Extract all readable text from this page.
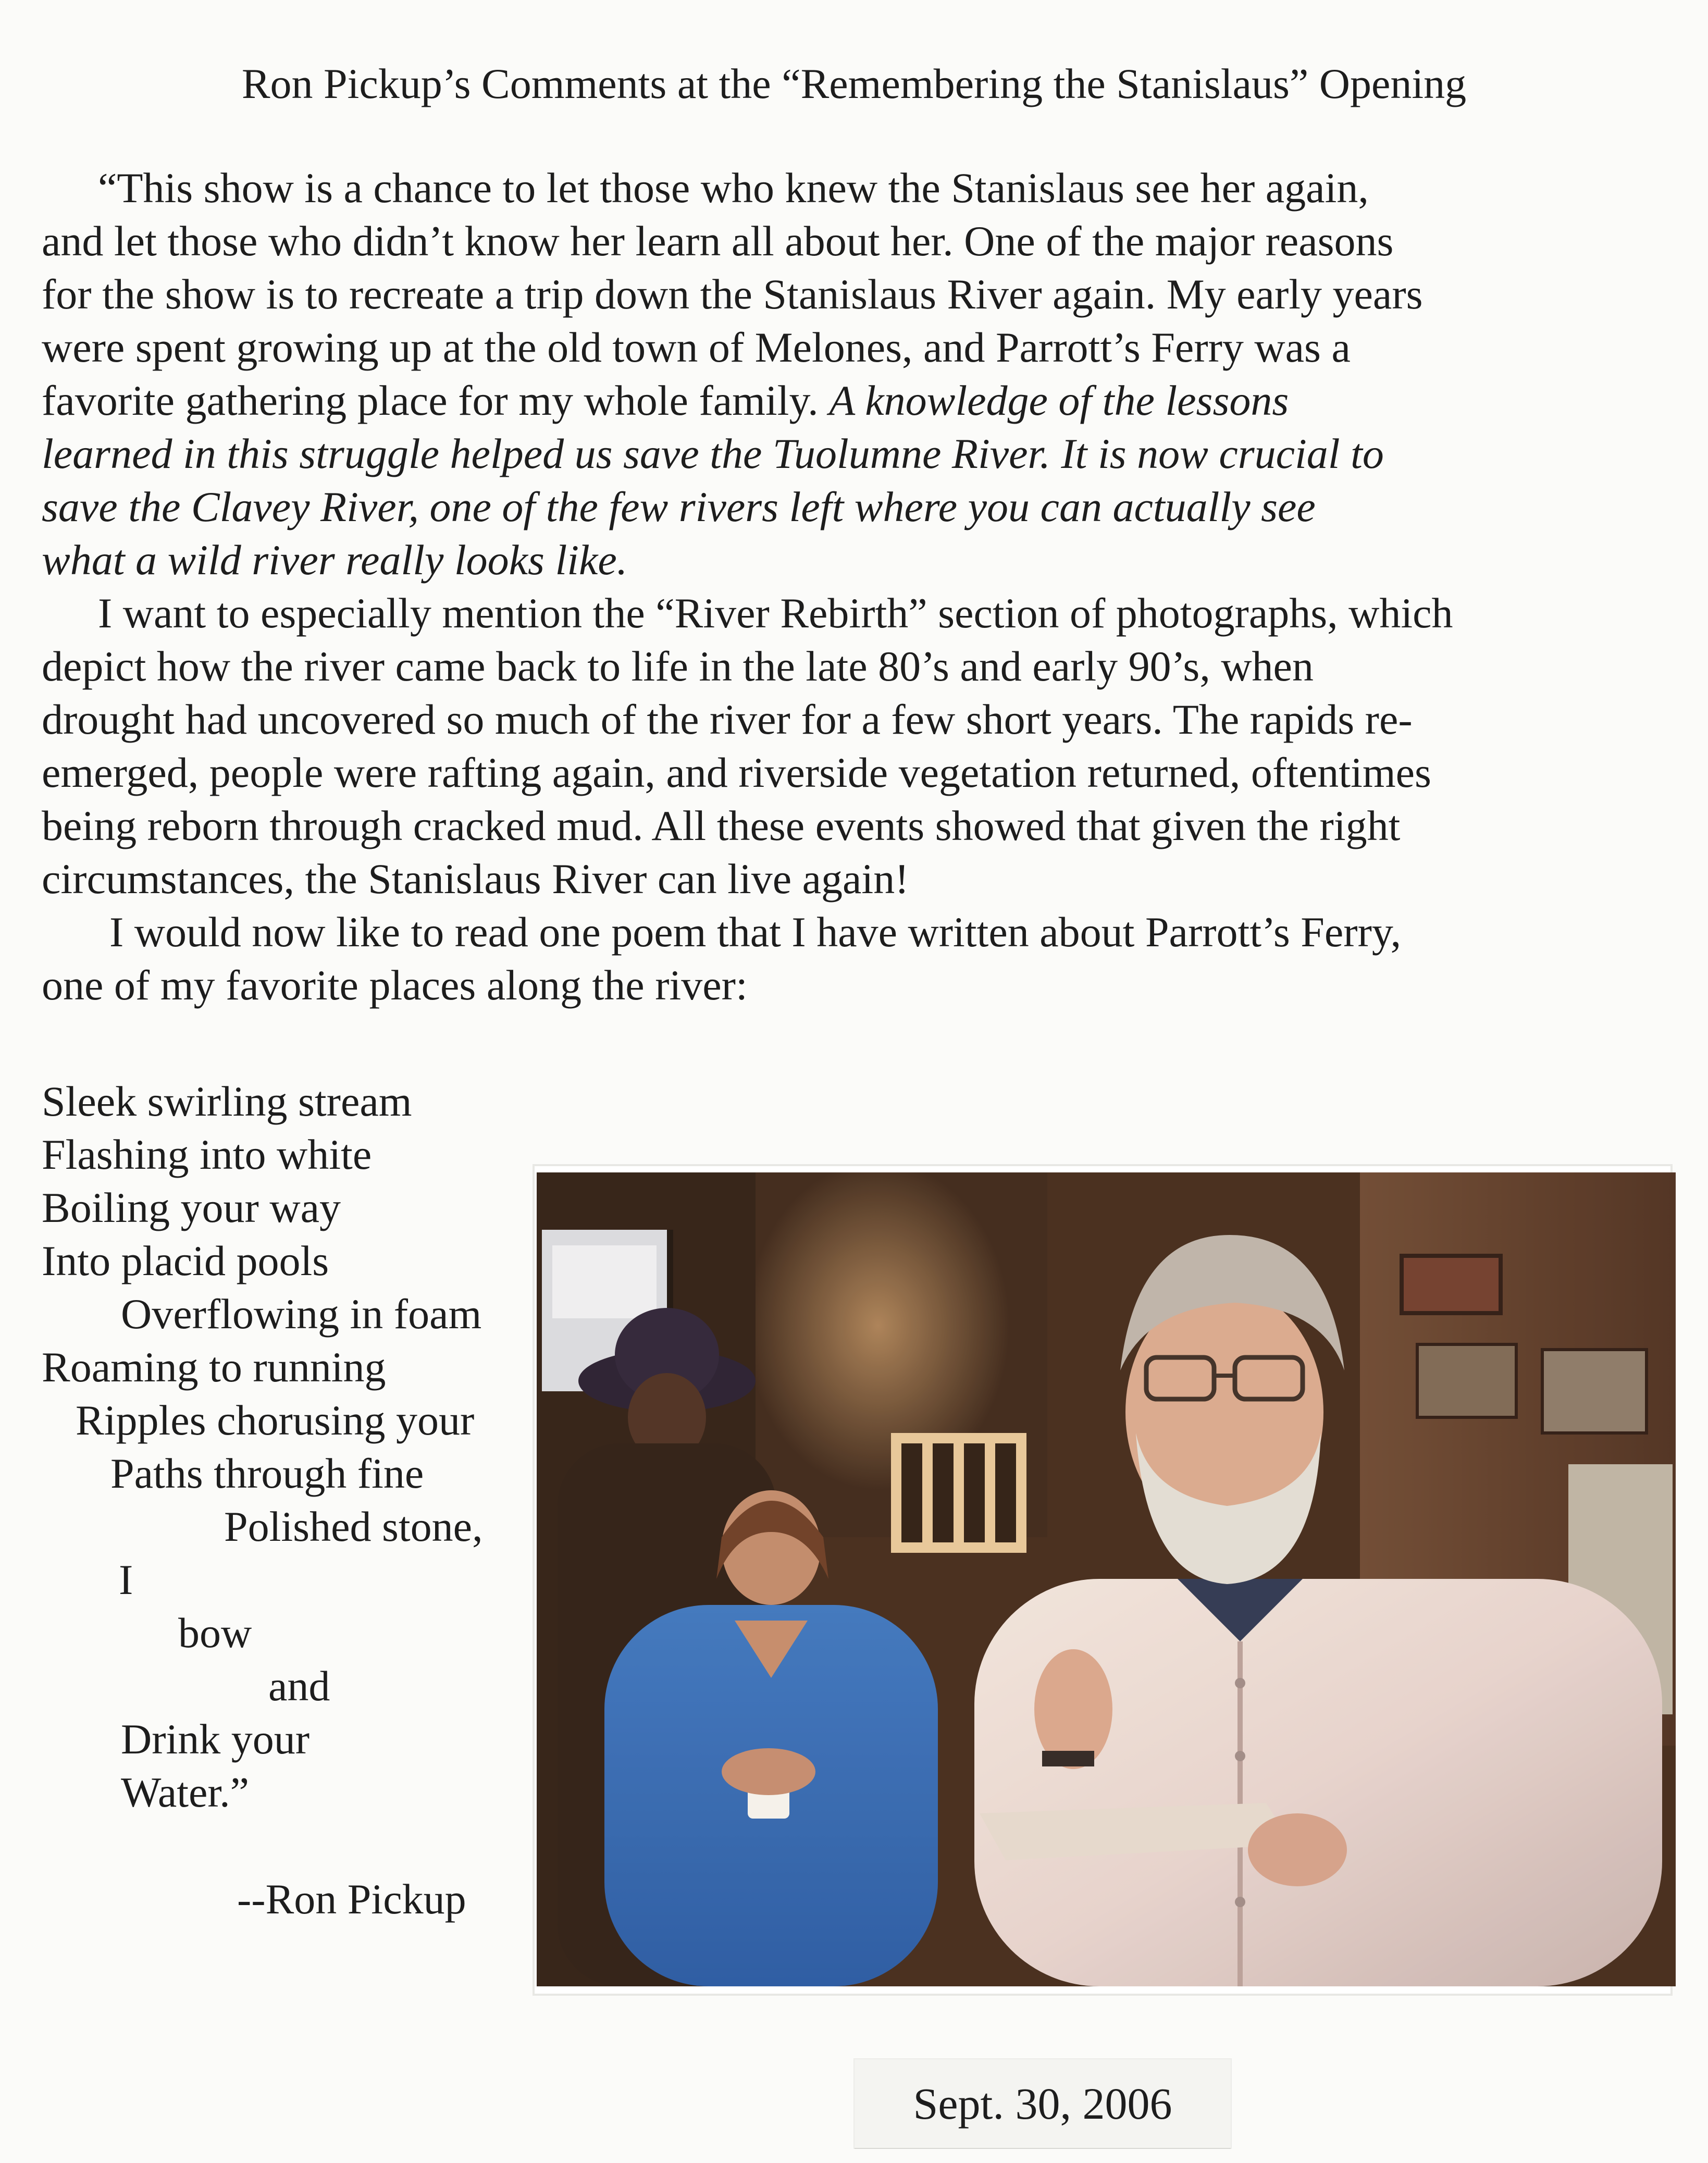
Ron Pickup’s Comments at the “Remembering the Stanislaus” Opening
“This show is a chance to let those who knew the Stanislaus see her again,
and let those who didn’t know her learn all about her. One of the major reasons
for the show is to recreate a trip down the Stanislaus River again. My early years
were spent growing up at the old town of Melones, and Parrott’s Ferry was a
favorite gathering place for my whole family. A knowledge of the lessons
learned in this struggle helped us save the Tuolumne River. It is now crucial to
save the Clavey River, one of the few rivers left where you can actually see
what a wild river really looks like.
I want to especially mention the “River Rebirth” section of photographs, which
depict how the river came back to life in the late 80’s and early 90’s, when
drought had uncovered so much of the river for a few short years. The rapids re-
emerged, people were rafting again, and riverside vegetation returned, oftentimes
being reborn through cracked mud. All these events showed that given the right
circumstances, the Stanislaus River can live again!
I would now like to read one poem that I have written about Parrott’s Ferry,
one of my favorite places along the river:
Sleek swirling stream
Flashing into white
Boiling your way
Into placid pools
Overflowing in foam
Roaming to running
Ripples chorusing your
Paths through fine
Polished stone,
I
bow
and
Drink your
Water.”
--Ron Pickup
Sept. 30, 2006
